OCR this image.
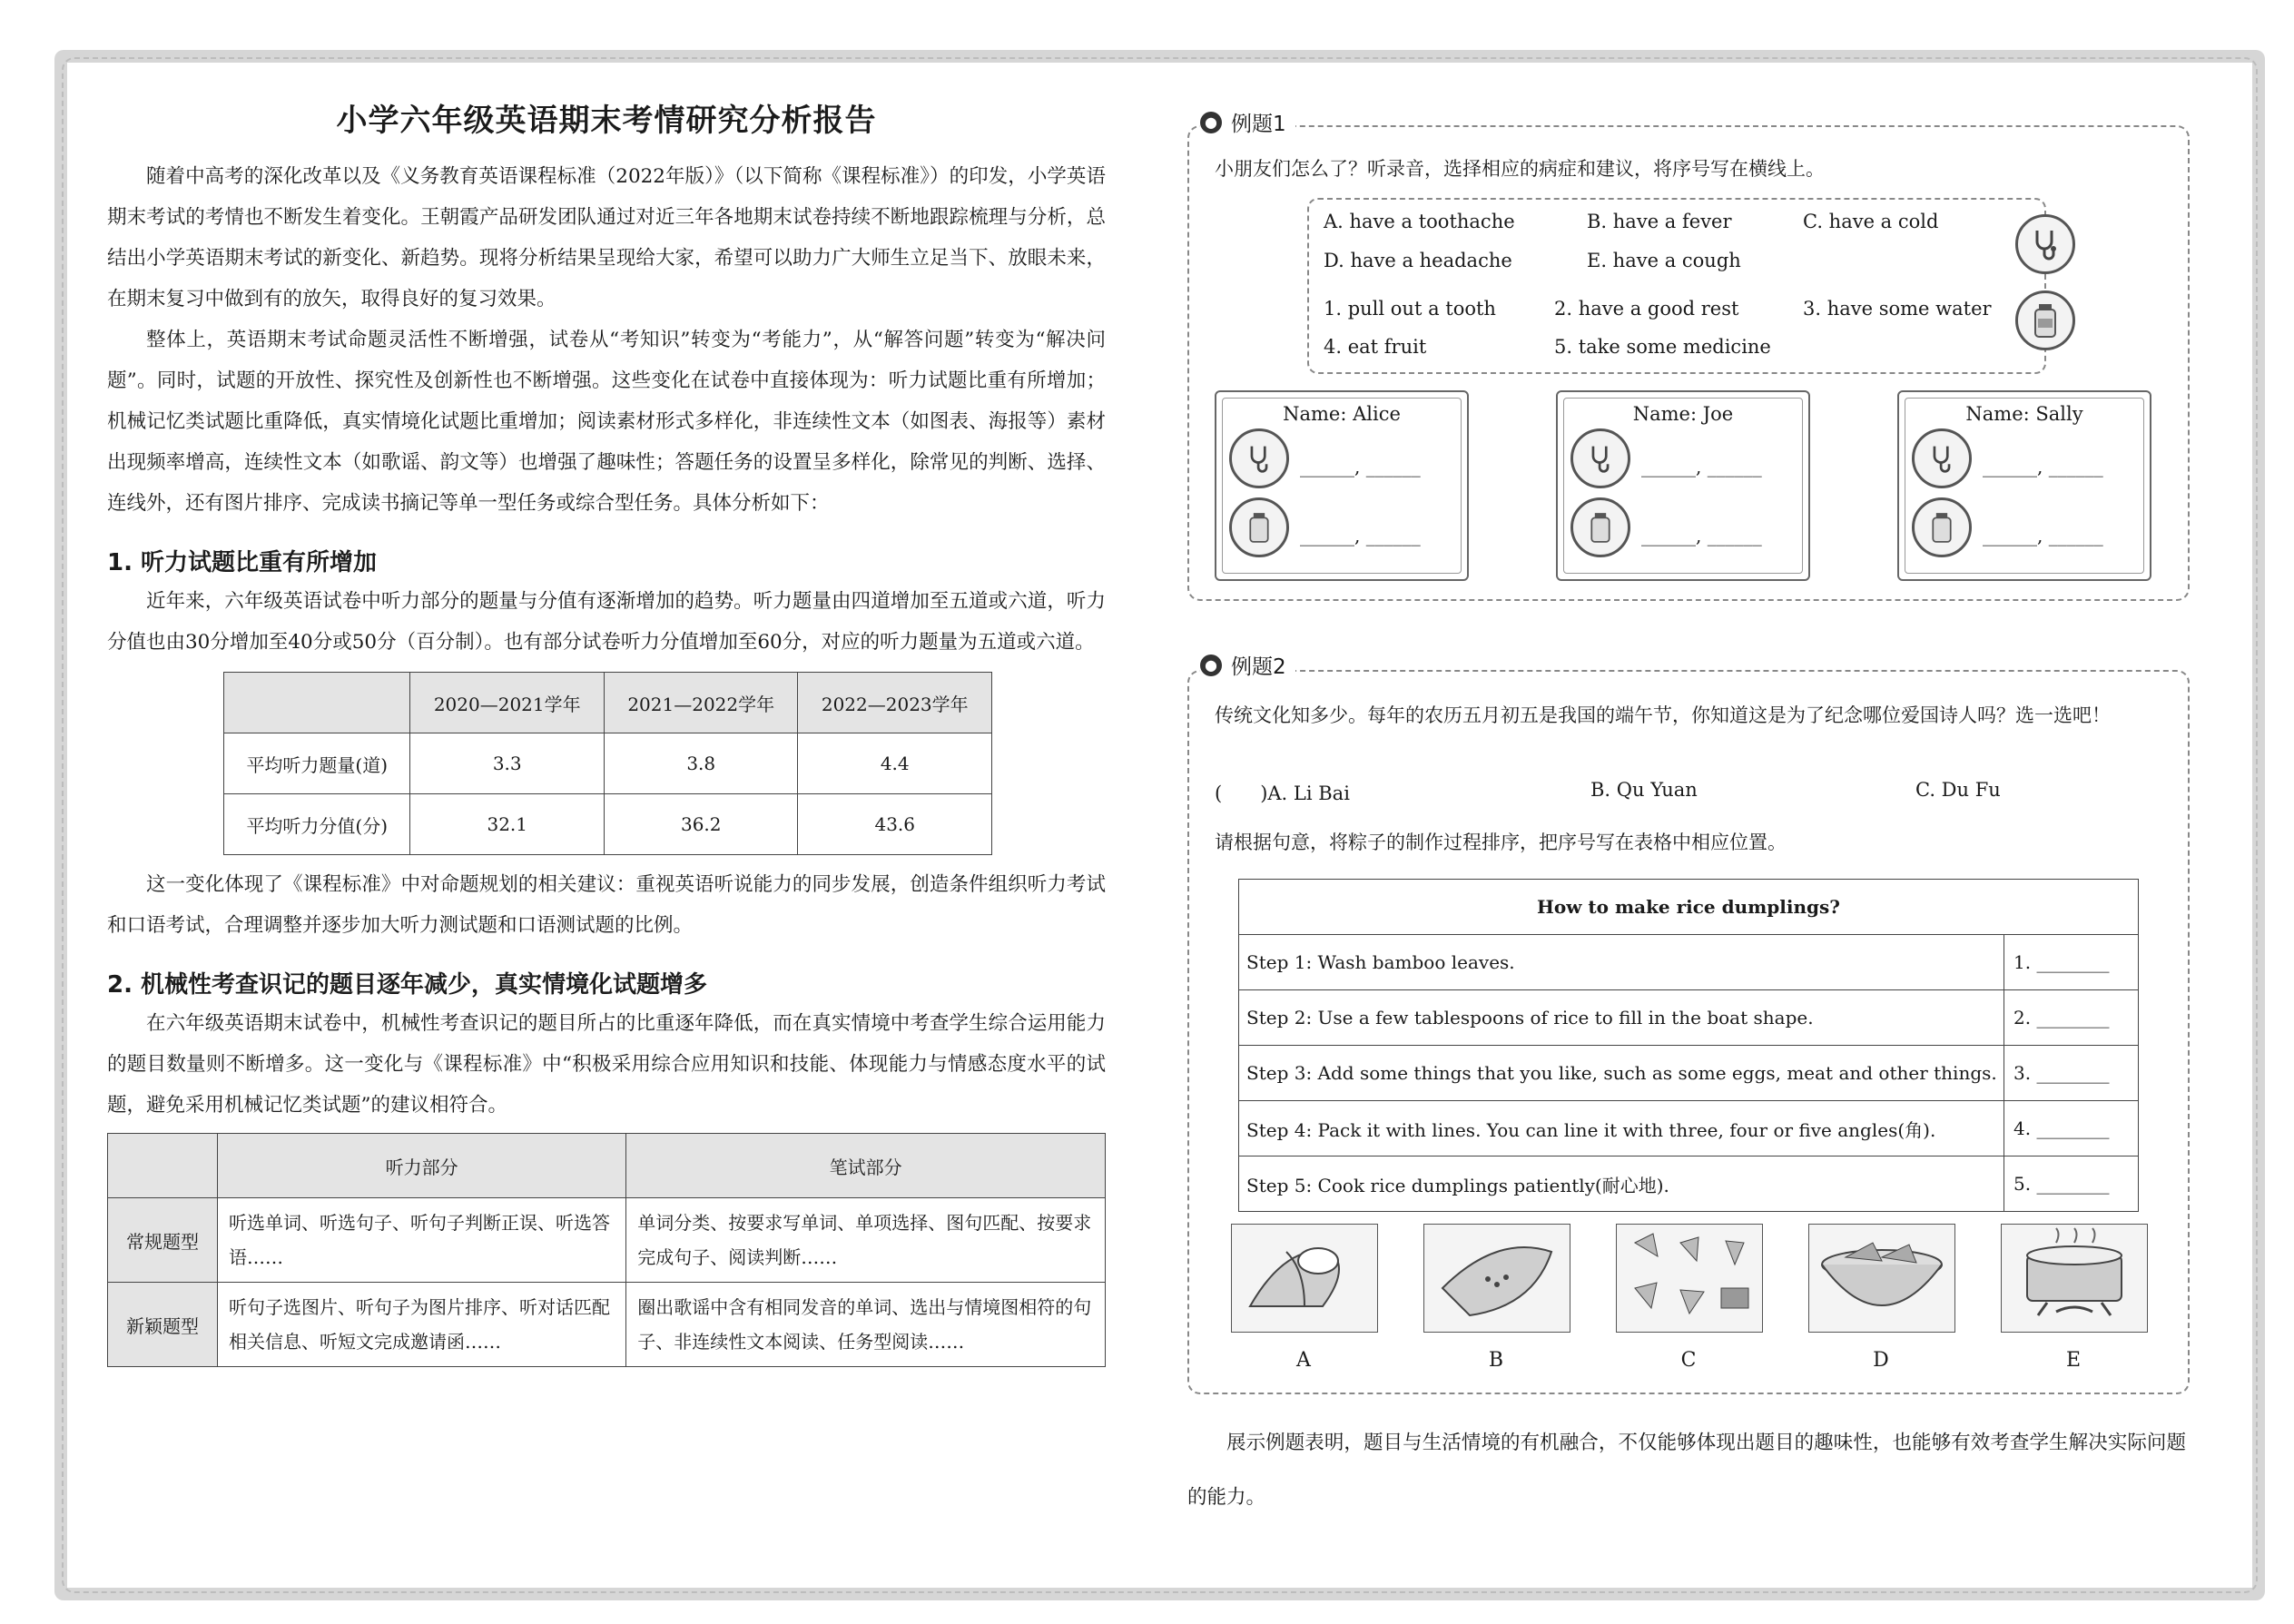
小学六年级英语期末考情研究分析报告

随着中高考的深化改革以及《义务教育英语课程标准（2022年版）》（以下简称《课程标准》）的印发，小学英语期末考试的考情也不断发生着变化。王朝霞产品研发团队通过对近三年各地期末试卷持续不断地跟踪梳理与分析，总结出小学英语期末考试的新变化、新趋势。现将分析结果呈现给大家，希望可以助力广大师生立足当下、放眼未来，在期末复习中做到有的放矢，取得良好的复习效果。

整体上，英语期末考试命题灵活性不断增强，试卷从“考知识”转变为“考能力”，从“解答问题”转变为“解决问题”。同时，试题的开放性、探究性及创新性也不断增强。这些变化在试卷中直接体现为：听力试题比重有所增加；机械记忆类试题比重降低，真实情境化试题比重增加；阅读素材形式多样化，非连续性文本（如图表、海报等）素材出现频率增高，连续性文本（如歌谣、韵文等）也增强了趣味性；答题任务的设置呈多样化，除常见的判断、选择、连线外，还有图片排序、完成读书摘记等单一型任务或综合型任务。具体分析如下：

1. 听力试题比重有所增加

近年来，六年级英语试卷中听力部分的题量与分值有逐渐增加的趋势。听力题量由四道增加至五道或六道，听力分值也由30分增加至40分或50分（百分制）。也有部分试卷听力分值增加至60分，对应的听力题量为五道或六道。

	2020—2021学年	2021—2022学年	2022—2023学年
平均听力题量(道)	3.3	3.8	4.4
平均听力分值(分)	32.1	36.2	43.6

这一变化体现了《课程标准》中对命题规划的相关建议：重视英语听说能力的同步发展，创造条件组织听力考试和口语考试，合理调整并逐步加大听力测试题和口语测试题的比例。

2. 机械性考查识记的题目逐年减少，真实情境化试题增多

在六年级英语期末试卷中，机械性考查识记的题目所占的比重逐年降低，而在真实情境中考查学生综合运用能力的题目数量则不断增多。这一变化与《课程标准》中“积极采用综合应用知识和技能、体现能力与情感态度水平的试题，避免采用机械记忆类试题”的建议相符合。

	听力部分	笔试部分
常规题型	听选单词、听选句子、听句子判断正误、听选答语……	单词分类、按要求写单词、单项选择、图句匹配、按要求完成句子、阅读判断……
新颖题型	听句子选图片、听句子为图片排序、听对话匹配相关信息、听短文完成邀请函……	圈出歌谣中含有相同发音的单词、选出与情境图相符的句子、非连续性文本阅读、任务型阅读……
● 例题1
小朋友们怎么了？听录音，选择相应的病症和建议，将序号写在横线上。
A. have a toothache	B. have a fever	C. have a cold
D. have a headache	E. have a cough
1. pull out a tooth	2. have a good rest	3. have some water
4. eat fruit	5. take some medicine
Name: Alice
______, ______
______, ______
Name: Joe
______, ______
______, ______
Name: Sally
______, ______
______, ______
● 例题2
传统文化知多少。每年的农历五月初五是我国的端午节，你知道这是为了纪念哪位爱国诗人吗？选一选吧！
(　　)A. Li Bai	B. Qu Yuan	C. Du Fu
请根据句意，将粽子的制作过程排序，把序号写在表格中相应位置。
How to make rice dumplings?	
Step 1: Wash bamboo leaves.	1. ________
Step 2: Use a few tablespoons of rice to fill in the boat shape.	2. ________
Step 3: Add some things that you like, such as some eggs, meat and other things.	3. ________
Step 4: Pack it with lines. You can line it with three, four or five angles(角).	4. ________
Step 5: Cook rice dumplings patiently(耐心地).	5. ________
A	B	C	D	E

展示例题表明，题目与生活情境的有机融合，不仅能够体现出题目的趣味性，也能够有效考查学生解决实际问题的能力。
